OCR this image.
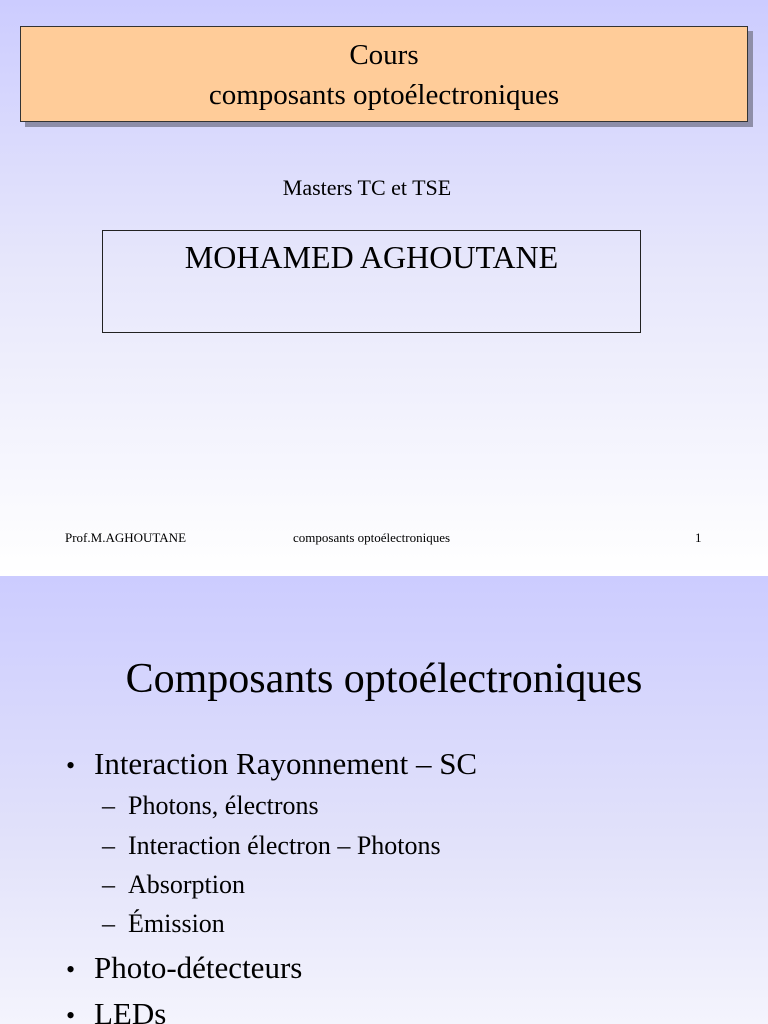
Cours
composants optoélectroniques
Masters TC et TSE
MOHAMED AGHOUTANE
Prof.M.AGHOUTANE	composants optoélectroniques	1
Composants optoélectroniques
• Interaction Rayonnement – SC
– Photons, électrons
– Interaction électron – Photons
– Absorption
– Émission
• Photo-détecteurs
• LEDs
